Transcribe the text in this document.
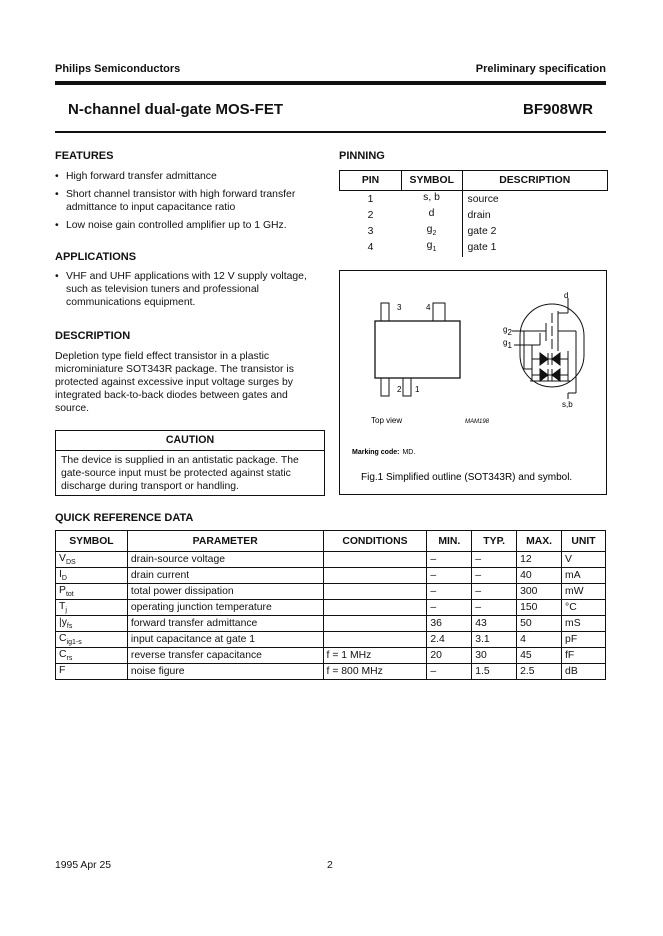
Philips Semiconductors	Preliminary specification
N-channel dual-gate MOS-FET	BF908WR
FEATURES
• High forward transfer admittance
• Short channel transistor with high forward transfer admittance to input capacitance ratio
• Low noise gain controlled amplifier up to 1 GHz.
APPLICATIONS
• VHF and UHF applications with 12 V supply voltage, such as television tuners and professional communications equipment.
DESCRIPTION
Depletion type field effect transistor in a plastic microminiature SOT343R package. The transistor is protected against excessive input voltage surges by integrated back-to-back diodes between gates and source.
CAUTION
The device is supplied in an antistatic package. The gate-source input must be protected against static discharge during transport or handling.
PINNING
PIN	SYMBOL	DESCRIPTION
1	s, b	source
2	d	drain
3	$g_2$	gate 2
4	$g_1$	gate 1
3	4
2 1
Top view	MAM198
d
g2
g1
s,b
Marking code: MD.
Fig.1 Simplified outline (SOT343R) and symbol.
QUICK REFERENCE DATA
SYMBOL	PARAMETER	CONDITIONS	MIN.	TYP.	MAX.	UNIT
$V_{DS}$	drain-source voltage		–	–	12	V
$I_D$	drain current		–	–	40	mA
$P_{tot}$	total power dissipation		–	–	300	mW
$T_j$	operating junction temperature		–	–	150	°C
$|y_{fs}$	forward transfer admittance		36	43	50	mS
$C_{ig1-s}$	input capacitance at gate 1		2.4	3.1	4	pF
$C_{rs}$	reverse transfer capacitance	f = 1 MHz	20	30	45	fF
F	noise figure	f = 800 MHz	–	1.5	2.5	dB
1995 Apr 25	2
